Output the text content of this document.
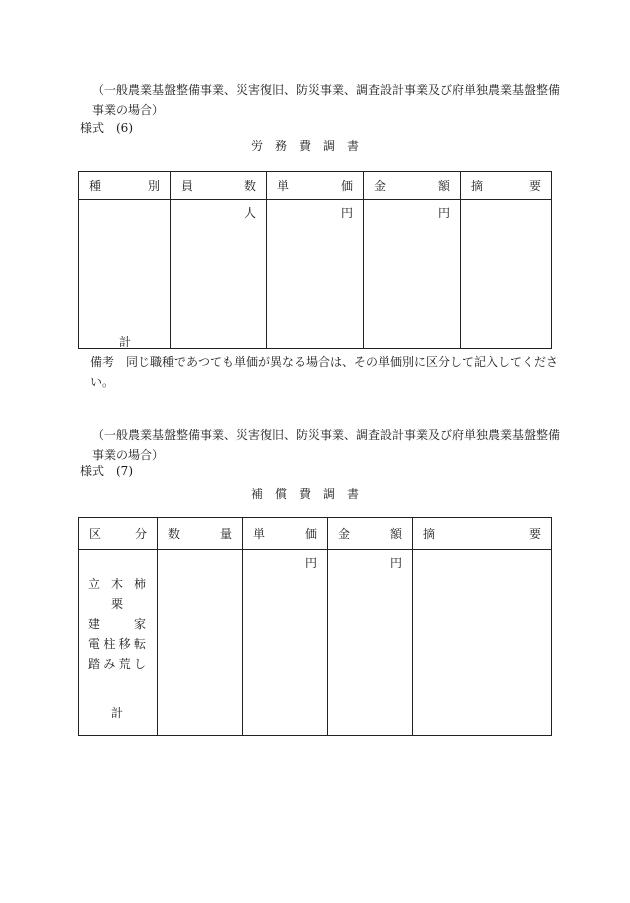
（一般農業基盤整備事業、災害復旧、防災事業、調査設計事業及び府単独農業基盤整備事業の場合）
様式　(6)
労務費調書
種 別	員 数	単 価	金 額	摘 要

	人	円	円	

計
備考　同じ職種であつても単価が異なる場合は、その単価別に区分して記入してください。
（一般農業基盤整備事業、災害復旧、防災事業、調査設計事業及び府単独農業基盤整備事業の場合）
様式　(7)
補償費調書
区 分	数 量	単 価	金 額	摘 要

		円	円	

立 木 柿
栗
建	家
電 柱 移 転
踏 み 荒 し
計
